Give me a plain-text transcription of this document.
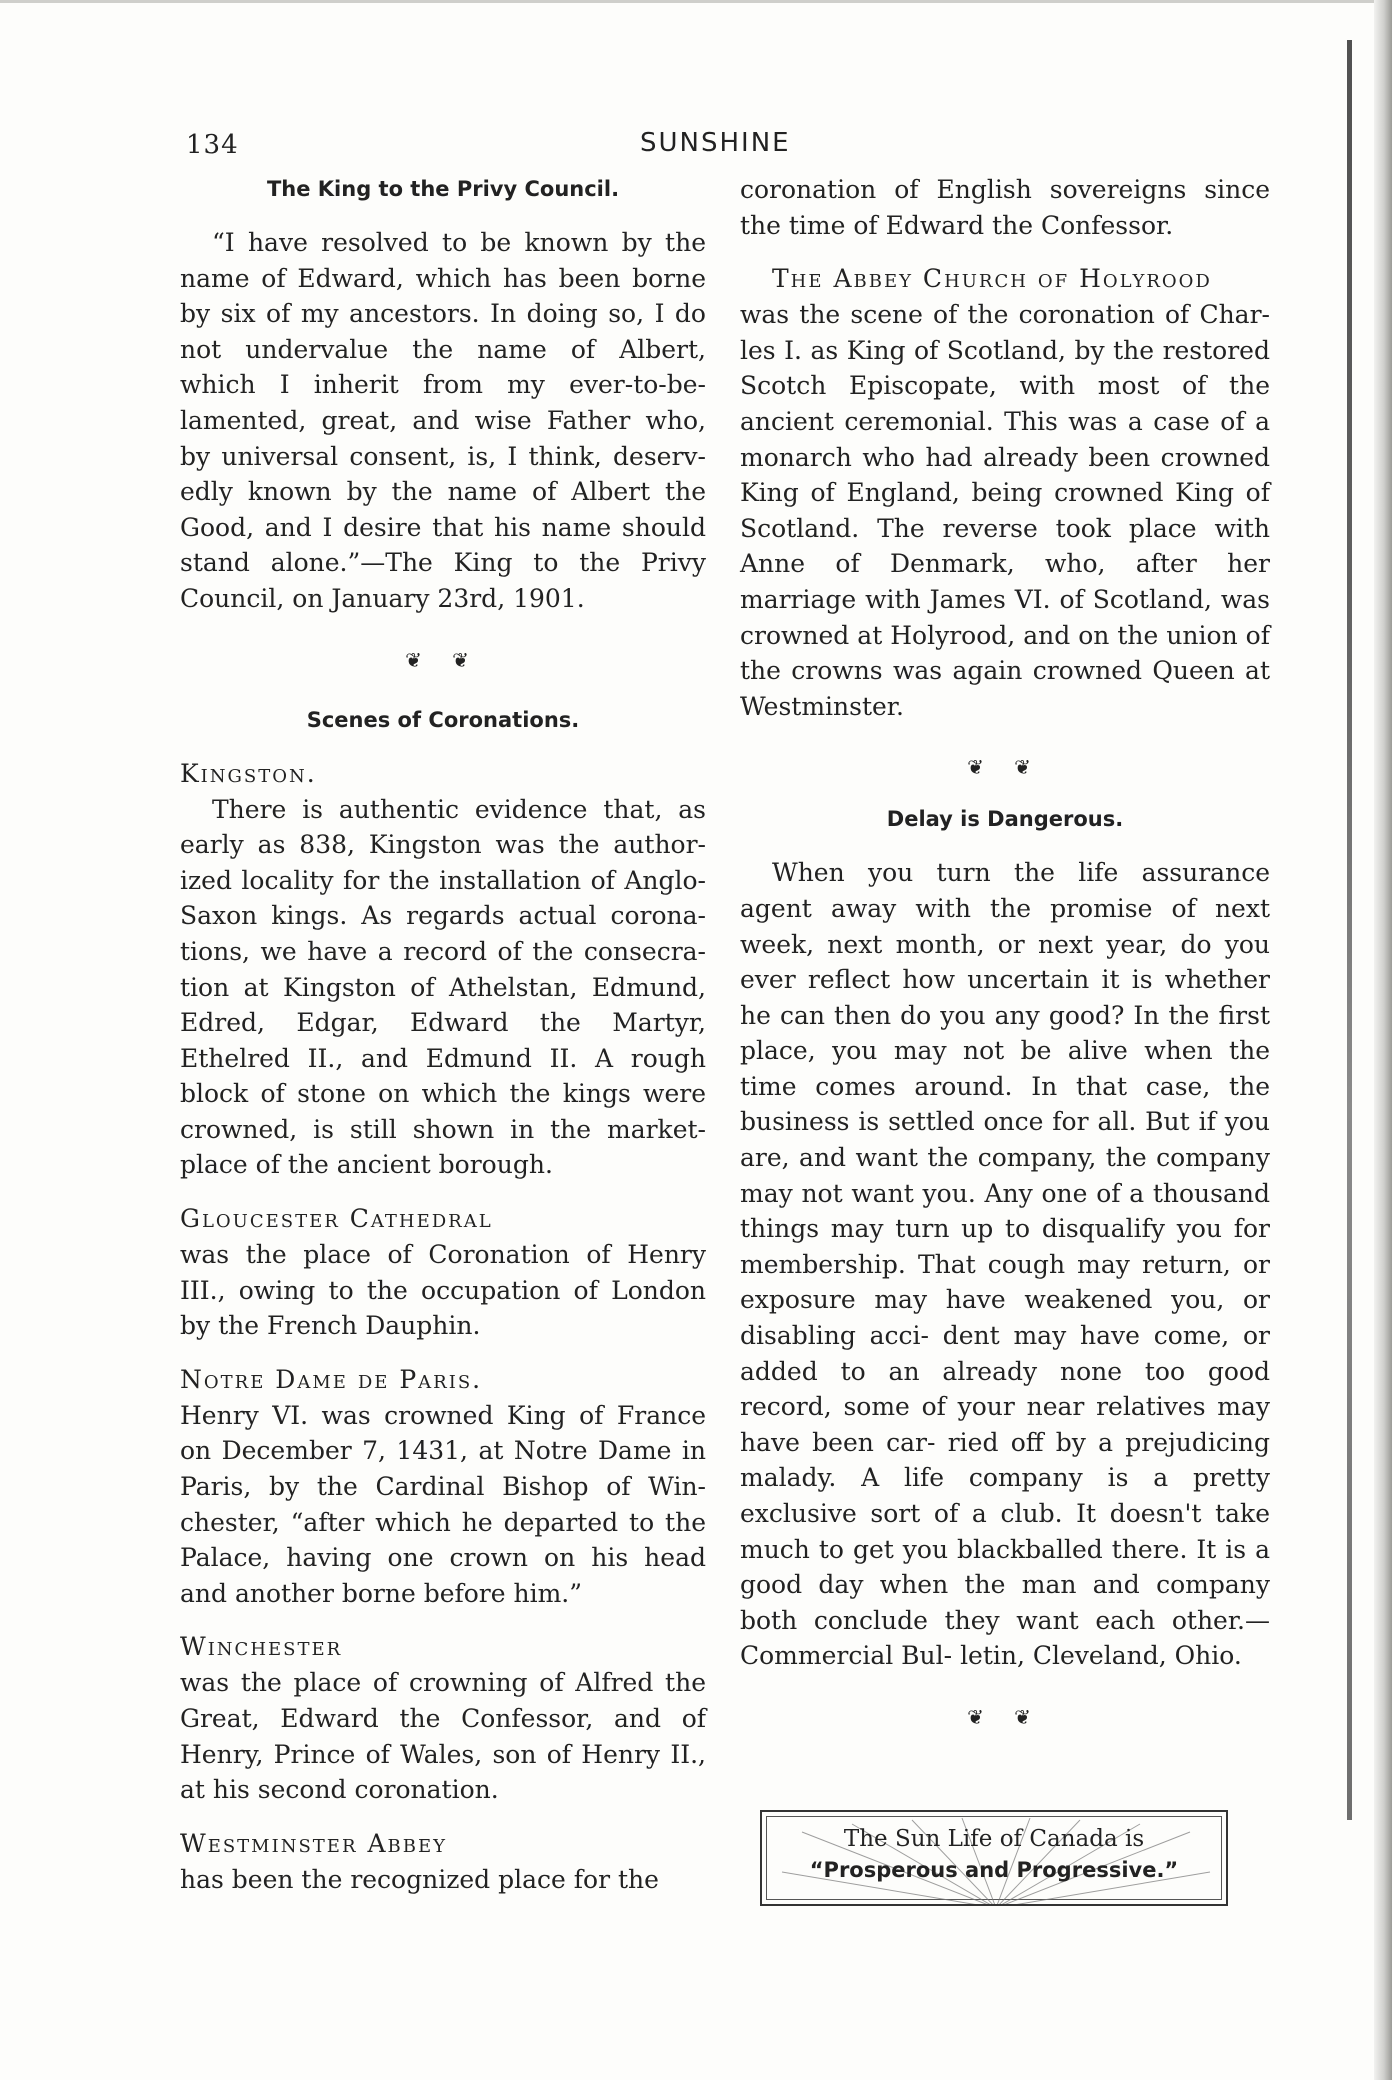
134	SUNSHINE
The King to the Privy Council.

“I have resolved to be known by the name of Edward, which has been borne by six of my ancestors. In doing so, I do not undervalue the name of Albert, which I inherit from my ever-to-be- lamented, great, and wise Father who, by universal consent, is, I think, deserv- edly known by the name of Albert the Good, and I desire that his name should stand alone.”—The King to the Privy Council, on January 23rd, 1901.

❦ ❦
Scenes of Coronations.

Kingston.

There is authentic evidence that, as early as 838, Kingston was the author- ized locality for the installation of Anglo- Saxon kings. As regards actual corona- tions, we have a record of the consecra- tion at Kingston of Athelstan, Edmund, Edred, Edgar, Edward the Martyr, Ethelred II., and Edmund II. A rough block of stone on which the kings were crowned, is still shown in the market- place of the ancient borough.

Gloucester Cathedral

was the place of Coronation of Henry III., owing to the occupation of London by the French Dauphin.

Notre Dame de Paris.

Henry VI. was crowned King of France on December 7, 1431, at Notre Dame in Paris, by the Cardinal Bishop of Win- chester, “after which he departed to the Palace, having one crown on his head and another borne before him.”

Winchester

was the place of crowning of Alfred the Great, Edward the Confessor, and of Henry, Prince of Wales, son of Henry II., at his second coronation.

Westminster Abbey

has been the recognized place for the

coronation of English sovereigns since the time of Edward the Confessor.

The Abbey Church of Holyrood

was the scene of the coronation of Char- les I. as King of Scotland, by the restored Scotch Episcopate, with most of the ancient ceremonial. This was a case of a monarch who had already been crowned King of England, being crowned King of Scotland. The reverse took place with Anne of Denmark, who, after her marriage with James VI. of Scotland, was crowned at Holyrood, and on the union of the crowns was again crowned Queen at Westminster.

❦ ❦
Delay is Dangerous.

When you turn the life assurance agent away with the promise of next week, next month, or next year, do you ever reflect how uncertain it is whether he can then do you any good? In the first place, you may not be alive when the time comes around. In that case, the business is settled once for all. But if you are, and want the company, the company may not want you. Any one of a thousand things may turn up to disqualify you for membership. That cough may return, or exposure may have weakened you, or disabling acci- dent may have come, or added to an already none too good record, some of your near relatives may have been car- ried off by a prejudicing malady. A life company is a pretty exclusive sort of a club. It doesn't take much to get you blackballed there. It is a good day when the man and company both conclude they want each other.—Commercial Bul- letin, Cleveland, Ohio.

❦ ❦
The Sun Life of Canada is
“Prosperous and Progressive.”
